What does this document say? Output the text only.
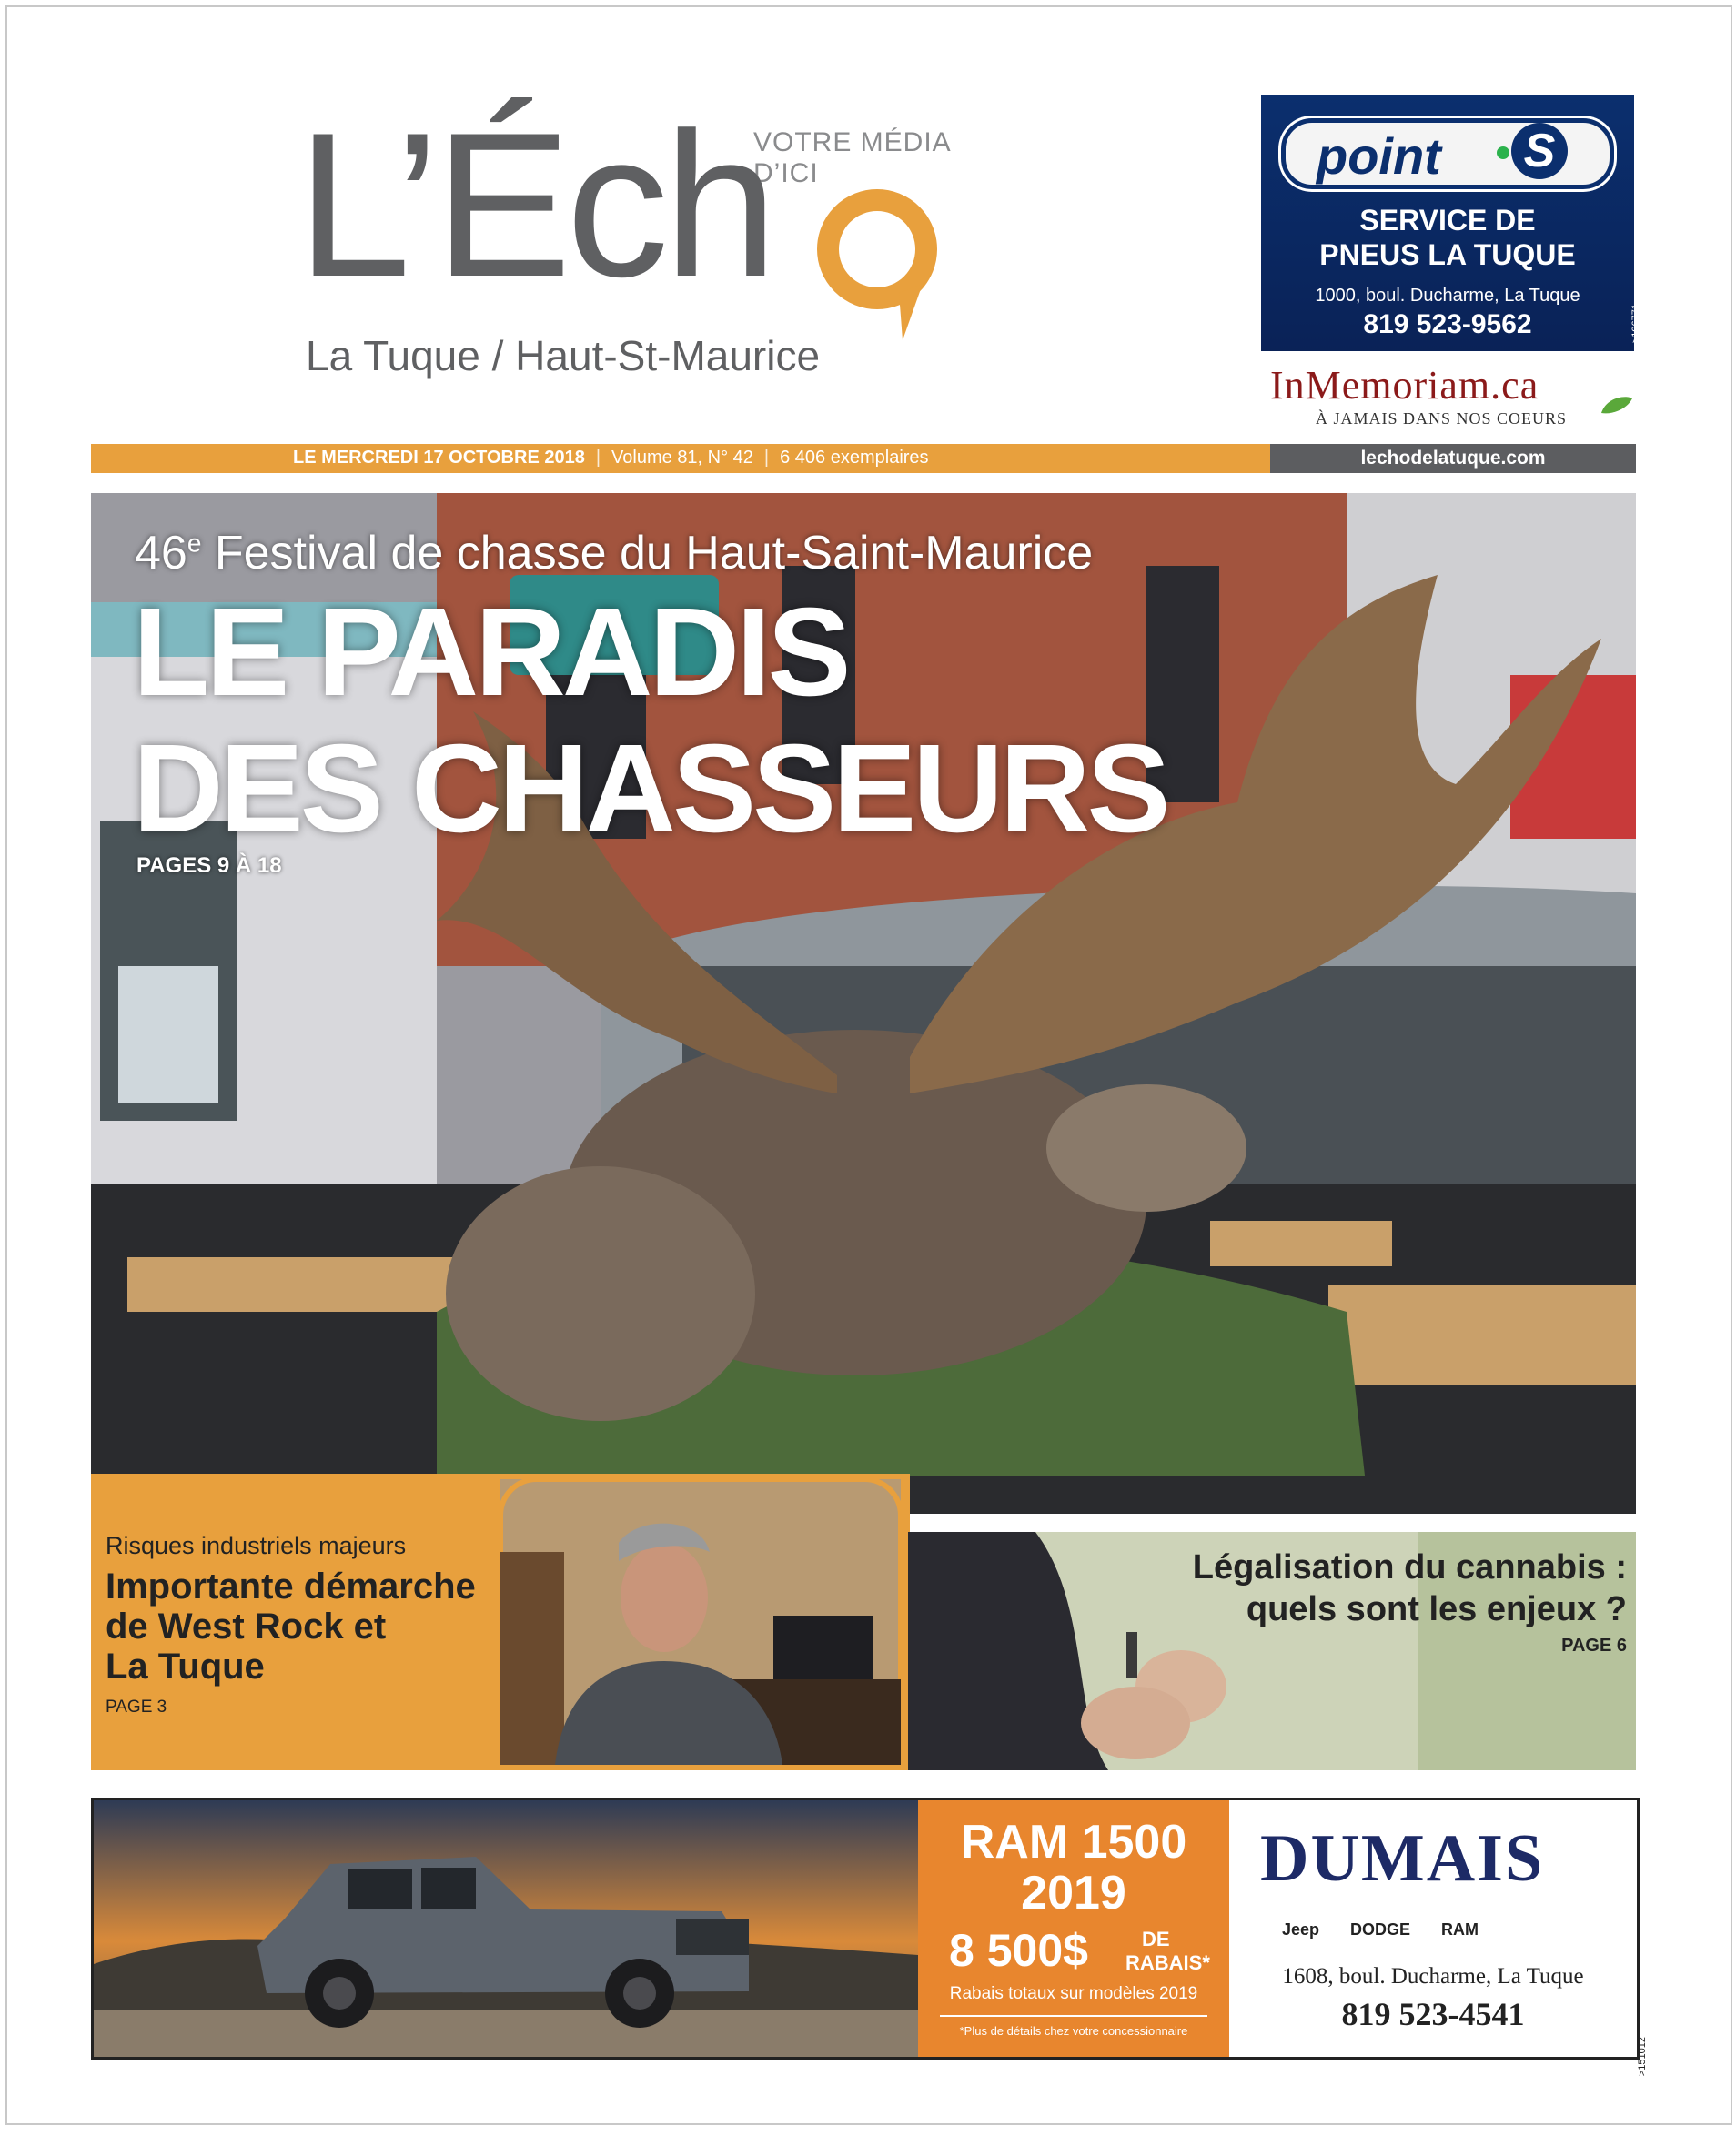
VOTRE MÉDIA D’ICI
L’Éch
La Tuque / Haut-St-Maurice
point S
SERVICE DE
PNEUS LA TUQUE
1000, boul. Ducharme, La Tuque
819 523-9562	>106771
InMemoriam.ca
À JAMAIS DANS NOS COEURS
LE MERCREDI 17 OCTOBRE 2018 | Volume 81, N° 42 | 6 406 exemplaires	lechodelatuque.com
46e Festival de chasse du Haut-Saint-Maurice
LE PARADIS
DES CHASSEURS
PAGES 9 À 18
Risques industriels majeurs
Importante démarche
de West Rock et
La Tuque
PAGE 3
Légalisation du cannabis :
quels sont les enjeux ?
PAGE 6
RAM 1500
2019
8 500$	DE
RABAIS*
Rabais totaux sur modèles 2019
*Plus de détails chez votre concessionnaire
DUMAIS
Jeep DODGE RAM
1608, boul. Ducharme, La Tuque
819 523-4541
>151012
